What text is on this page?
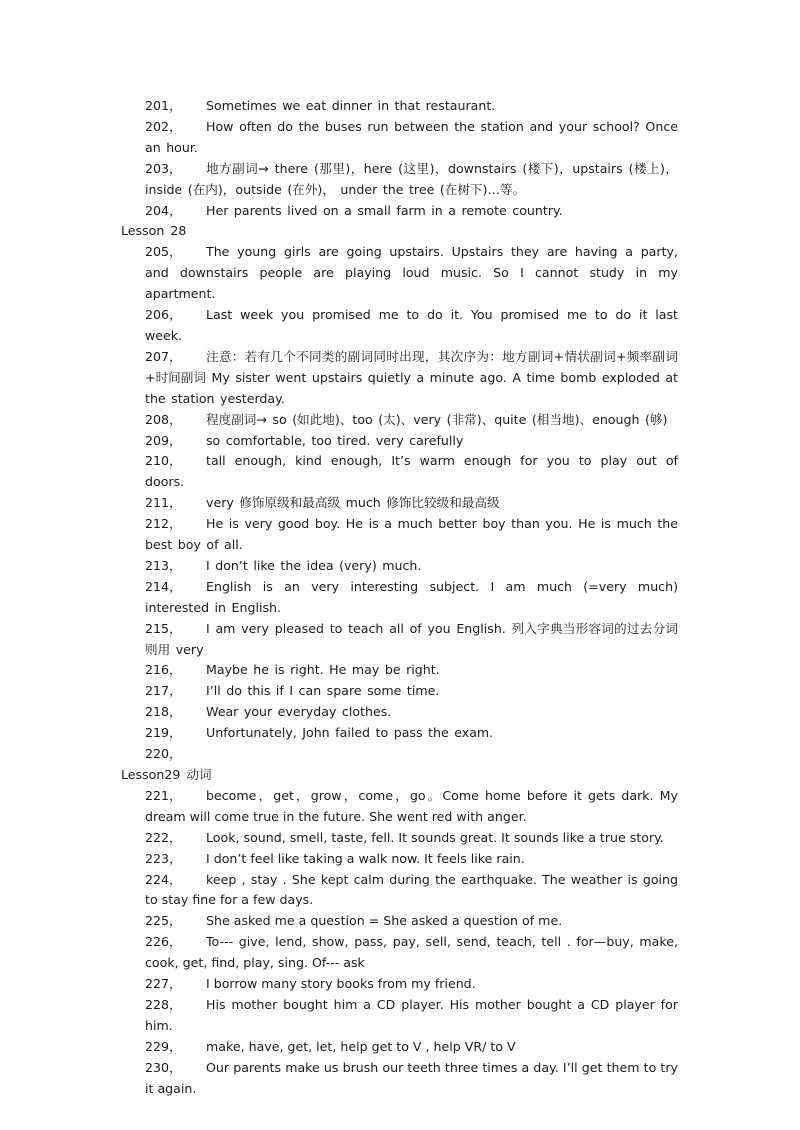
201，	Sometimes we eat dinner in that restaurant.
202，	How often do the buses run between the station and your school? Once an hour.
203，	地方副词→ there (那里)，here (这里)，downstairs (楼下)，upstairs (楼上)，inside (在内)，outside (在外)， under the tree (在树下)…等。
204，	Her parents lived on a small farm in a remote country.
Lesson 28
205，	The young girls are going upstairs. Upstairs they are having a party, and downstairs people are playing loud music. So I cannot study in my apartment.
206，	Last week you promised me to do it. You promised me to do it last week.
207，	注意：若有几个不同类的副词同时出现，其次序为：地方副词+情状副词+频率副词+时间副词 My sister went upstairs quietly a minute ago. A time bomb exploded at the station yesterday.
208，	程度副词→ so (如此地)、too (太)、very (非常)、quite (相当地)、enough (够)
209，	so comfortable, too tired. very carefully
210，	tall enough, kind enough, It’s warm enough for you to play out of doors.
211，	very 修饰原级和最高级 much 修饰比较级和最高级
212，	He is very good boy. He is a much better boy than you. He is much the best boy of all.
213，	I don’t like the idea (very) much.
214，	English is an very interesting subject. I am much (=very much) interested in English.
215，	I am very pleased to teach all of you English. 列入字典当形容词的过去分词则用 very
216，	Maybe he is right. He may be right.
217，	I’ll do this if I can spare some time.
218，	Wear your everyday clothes.
219，	Unfortunately, John failed to pass the exam.
220，

Lesson29 动词
221，	become，get，grow，come，go。Come home before it gets dark. My dream will come true in the future. She went red with anger.
222，	Look, sound, smell, taste, fell. It sounds great. It sounds like a true story.
223，	I don’t feel like taking a walk now. It feels like rain.
224，	keep , stay . She kept calm during the earthquake. The weather is going to stay fine for a few days.
225，	She asked me a question = She asked a question of me.
226，	To--- give, lend, show, pass, pay, sell, send, teach, tell . for—buy, make, cook, get, find, play, sing. Of--- ask
227，	I borrow many story books from my friend.
228，	His mother bought him a CD player. His mother bought a CD player for him.
229，	make, have, get, let, help get to V , help VR/ to V
230，	Our parents make us brush our teeth three times a day. I’ll get them to try it again.
